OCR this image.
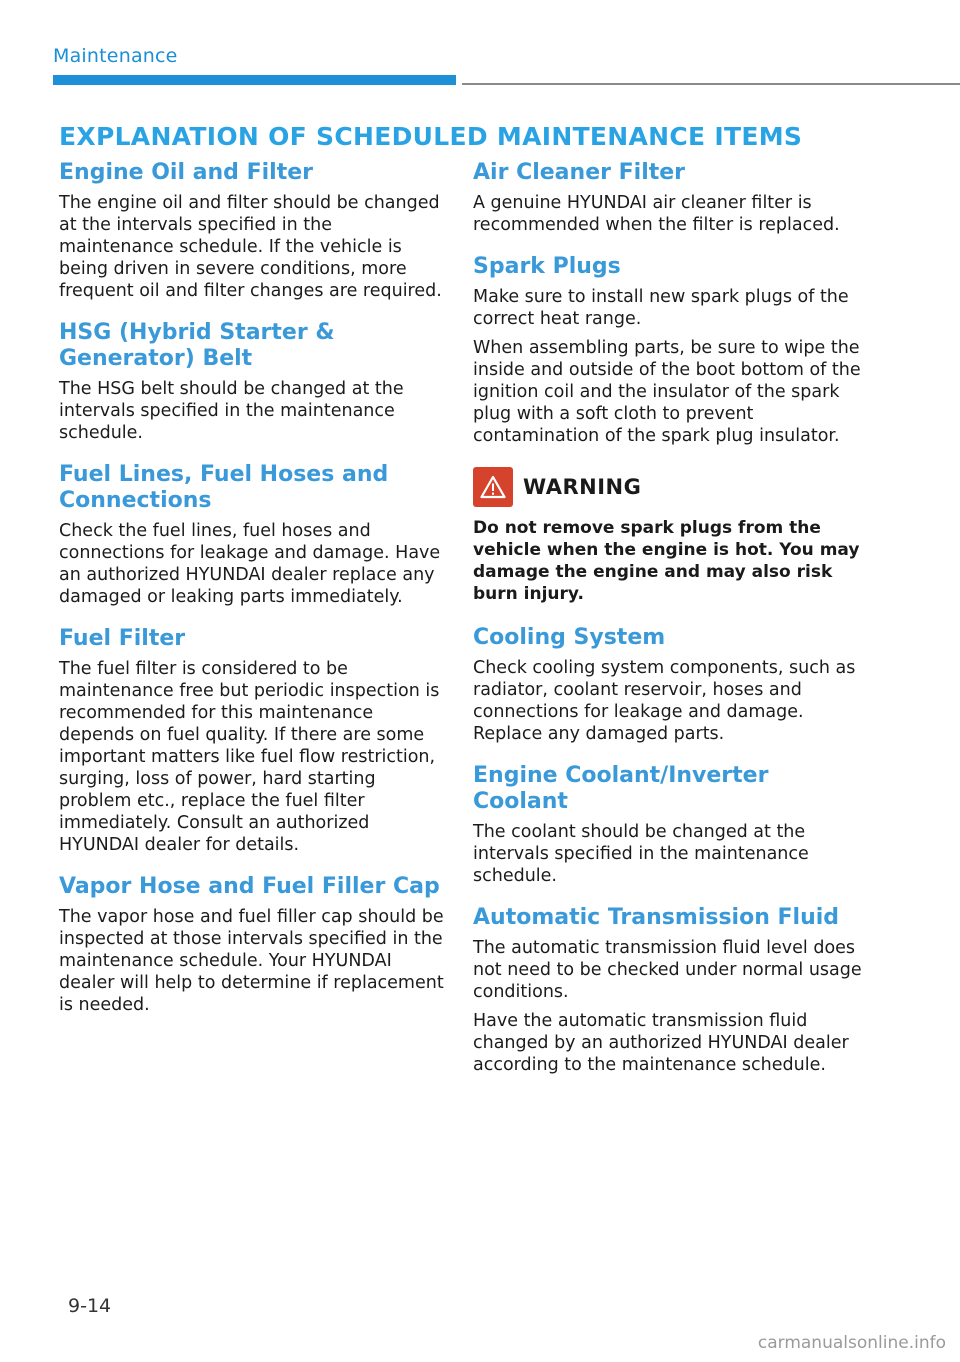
Maintenance
EXPLANATION OF SCHEDULED MAINTENANCE ITEMS
Engine Oil and Filter

The engine oil and filter should be changed at the intervals specified in the maintenance schedule. If the vehicle is being driven in severe conditions, more frequent oil and filter changes are required.

HSG (Hybrid Starter & Generator) Belt

The HSG belt should be changed at the intervals specified in the maintenance schedule.

Fuel Lines, Fuel Hoses and Connections

Check the fuel lines, fuel hoses and connections for leakage and damage. Have an authorized HYUNDAI dealer replace any damaged or leaking parts immediately.

Fuel Filter

The fuel filter is considered to be maintenance free but periodic inspection is recommended for this maintenance depends on fuel quality. If there are some important matters like fuel flow restriction, surging, loss of power, hard starting problem etc., replace the fuel filter immediately. Consult an authorized HYUNDAI dealer for details.

Vapor Hose and Fuel Filler Cap

The vapor hose and fuel filler cap should be inspected at those intervals specified in the maintenance schedule. Your HYUNDAI dealer will help to determine if replacement is needed.

Air Cleaner Filter

A genuine HYUNDAI air cleaner filter is recommended when the filter is replaced.

Spark Plugs

Make sure to install new spark plugs of the correct heat range.

When assembling parts, be sure to wipe the inside and outside of the boot bottom of the ignition coil and the insulator of the spark plug with a soft cloth to prevent contamination of the spark plug insulator.

WARNING

Do not remove spark plugs from the vehicle when the engine is hot. You may damage the engine and may also risk burn injury.

Cooling System

Check cooling system components, such as radiator, coolant reservoir, hoses and connections for leakage and damage. Replace any damaged parts.

Engine Coolant/Inverter Coolant

The coolant should be changed at the intervals specified in the maintenance schedule.

Automatic Transmission Fluid

The automatic transmission fluid level does not need to be checked under normal usage conditions.

Have the automatic transmission fluid changed by an authorized HYUNDAI dealer according to the maintenance schedule.

9-14
carmanualsonline.info
